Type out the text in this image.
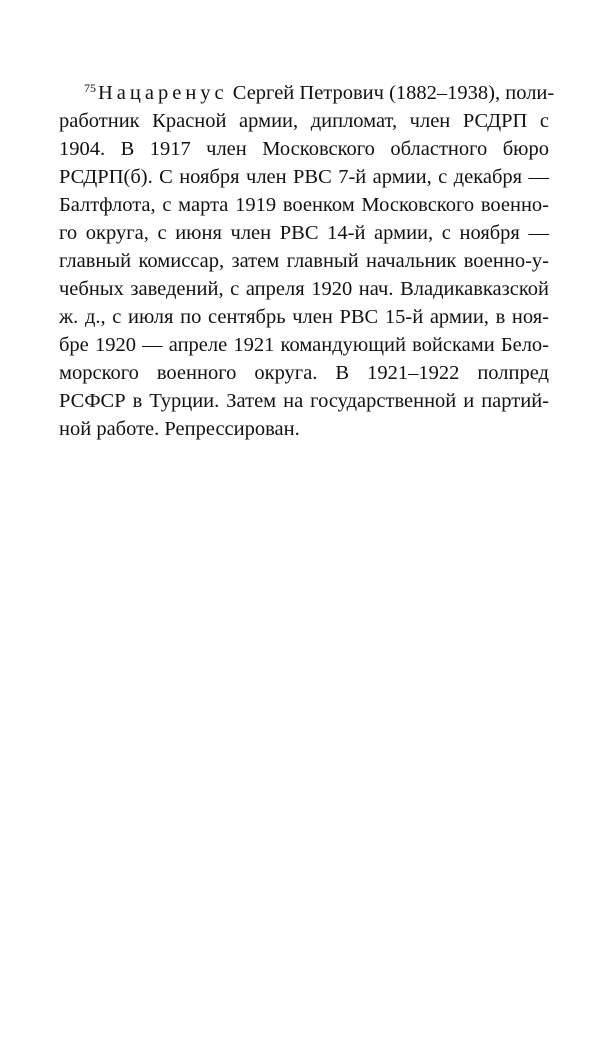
$^{75}$Нацаренус Сергей Петрович (1882–1938), поли-
работник Красной армии, дипломат, член РСДРП с
1904. В 1917 член Московского областного бюро
РСДРП(б). С ноября член РВС 7-й армии, с декабря —
Балтфлота, с марта 1919 военком Московского военно-
го округа, с июня член РВС 14-й армии, с ноября —
главный комиссар, затем главный начальник военно-у-
чебных заведений, с апреля 1920 нач. Владикавказской
ж. д., с июля по сентябрь член РВС 15-й армии, в ноя-
бре 1920 — апреле 1921 командующий войсками Бело-
морского военного округа. В 1921–1922 полпред
РСФСР в Турции. Затем на государственной и партий-
ной работе. Репрессирован.
